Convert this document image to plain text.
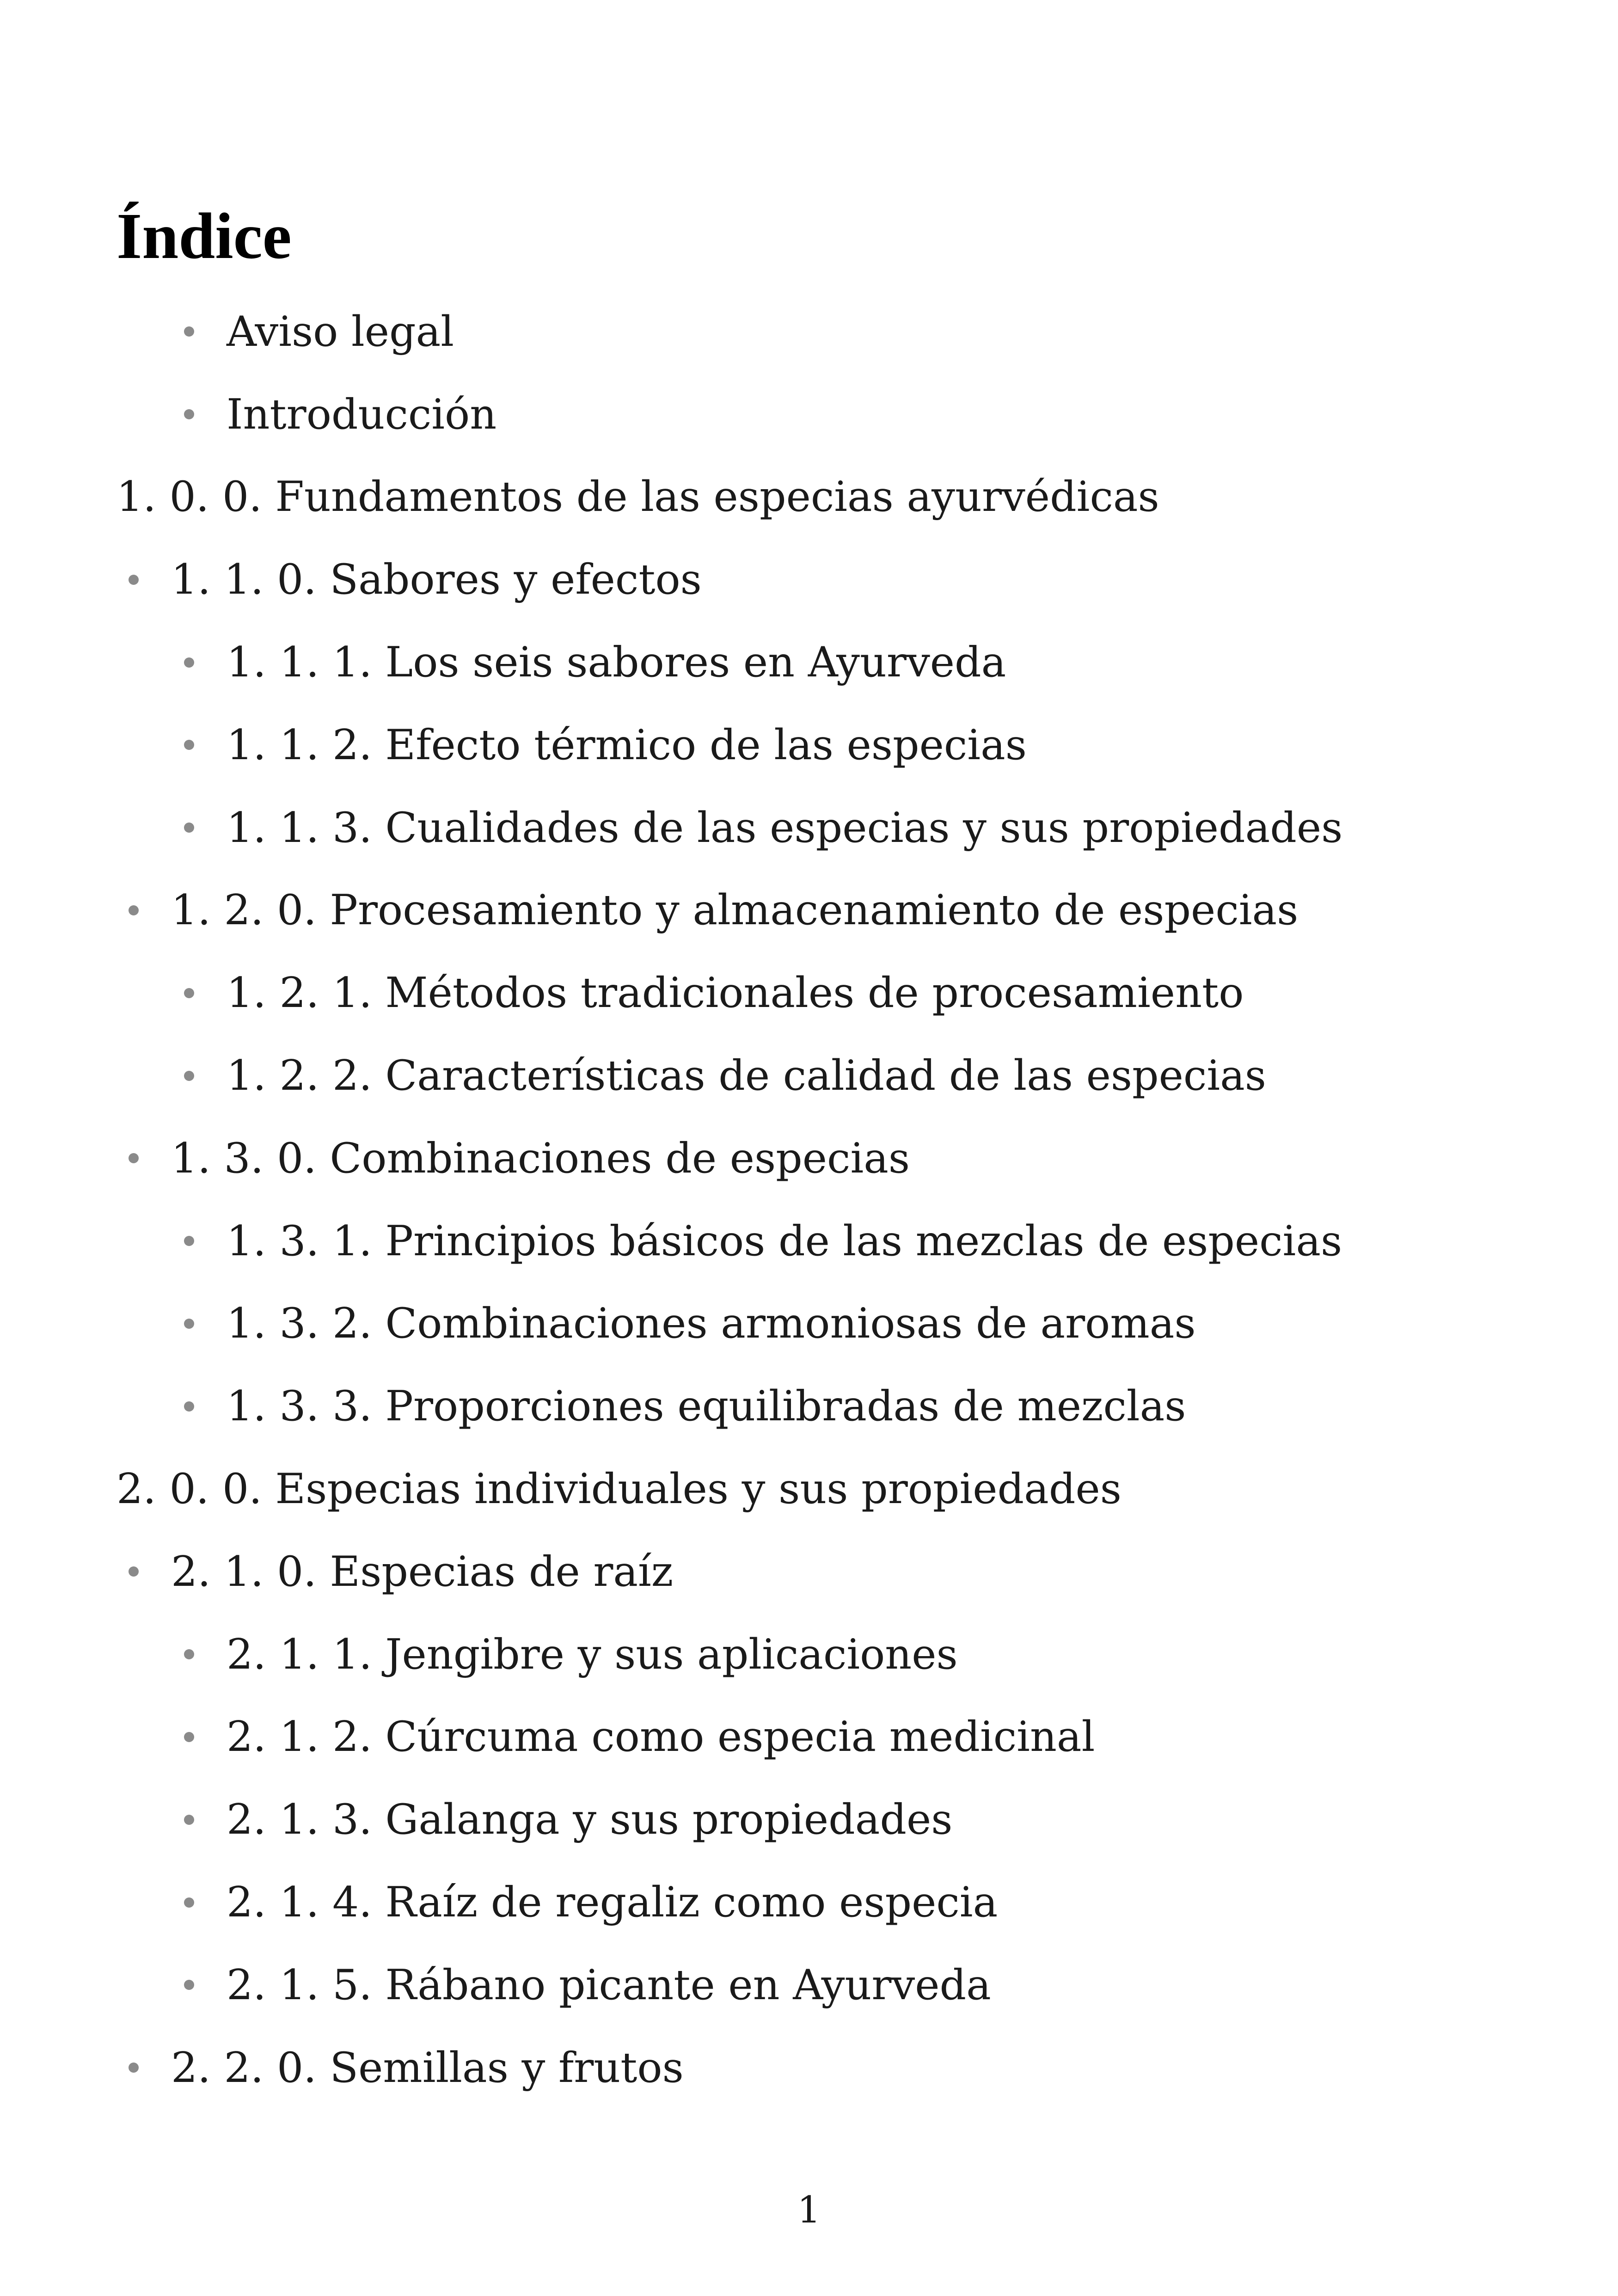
Índice
Aviso legal
Introducción
1. 0. 0. Fundamentos de las especias ayurvédicas
1. 1. 0. Sabores y efectos
1. 1. 1. Los seis sabores en Ayurveda
1. 1. 2. Efecto térmico de las especias
1. 1. 3. Cualidades de las especias y sus propiedades
1. 2. 0. Procesamiento y almacenamiento de especias
1. 2. 1. Métodos tradicionales de procesamiento
1. 2. 2. Características de calidad de las especias
1. 3. 0. Combinaciones de especias
1. 3. 1. Principios básicos de las mezclas de especias
1. 3. 2. Combinaciones armoniosas de aromas
1. 3. 3. Proporciones equilibradas de mezclas
2. 0. 0. Especias individuales y sus propiedades
2. 1. 0. Especias de raíz
2. 1. 1. Jengibre y sus aplicaciones
2. 1. 2. Cúrcuma como especia medicinal
2. 1. 3. Galanga y sus propiedades
2. 1. 4. Raíz de regaliz como especia
2. 1. 5. Rábano picante en Ayurveda
2. 2. 0. Semillas y frutos
1
